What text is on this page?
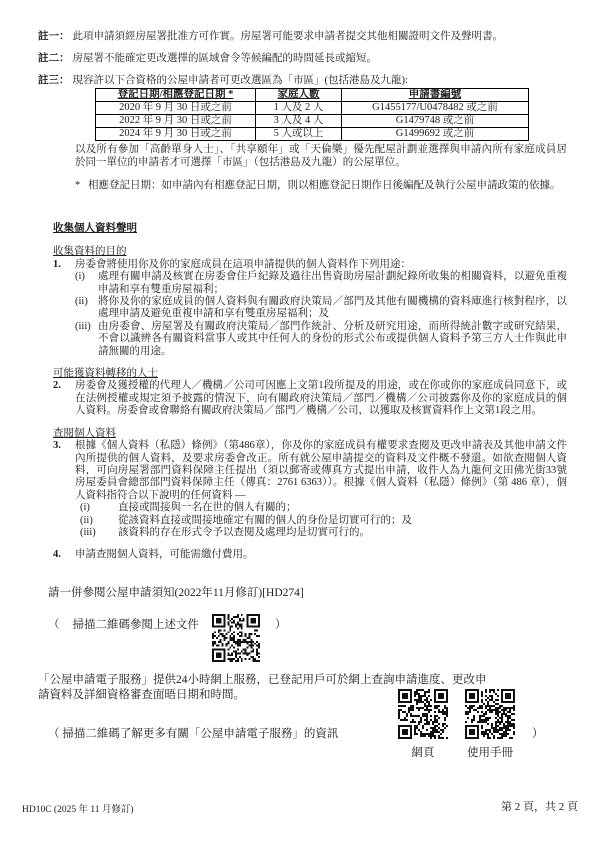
註一 ： 此項申請須經房屋署批准方可作實。房屋署可能要求申請者提交其他相關證明文件及聲明書。
註二 ： 房屋署不能確定更改選擇的區域會令等候編配的時間延長或縮短。
註三 ： 現容許以下合資格的公屋申請者可更改選區為「市區」(包括港島及九龍):
登記日期/相應登記日期 *	家庭人數	申請書編號
2020 年 9 月 30 日或之前	1 人及 2 人	G1455177/U0478482 或之前
2022 年 9 月 30 日或之前	3 人及 4 人	G1479748 或之前
2024 年 9 月 30 日或之前	5 人或以上	G1499692 或之前
以及所有參加「高齡單身人士」、「共享頤年」或「天倫樂」優先配屋計劃並選擇與申請內所有家庭成員居於同一單位的申請者才可選擇「市區」（包括港島及九龍）的公屋單位。
* 相應登記日期：如申請內有相應登記日期，則以相應登記日期作日後編配及執行公屋申請政策的依據。
收集個人資料聲明
收集資料的目的
1.	房委會將使用你及你的家庭成員在這項申請提供的個人資料作下列用途：
(i)	處理有關申請及核實在房委會住戶紀錄及過往出售資助房屋計劃紀錄所收集的相關資料，以避免重複申請和享有雙重房屋福利；
(ii) 將你及你的家庭成員的個人資料與有關政府決策局／部門及其他有關機構的資料庫進行核對程序，以處理申請及避免重複申請和享有雙重房屋福利；及
(iii) 由房委會、房屋署及有關政府決策局／部門作統計、分析及研究用途，而所得統計數字或研究結果，不會以識辨各有關資料當事人或其中任何人的身份的形式公布或提供個人資料予第三方人士作與此申請無關的用途。
可能獲資料轉移的人士
2.	房委會及獲授權的代理人／機構／公司可因應上文第1段所提及的用途，或在你或你的家庭成員同意下，或在法例授權或規定須予披露的情況下，向有關政府決策局／部門／機構／公司披露你及你的家庭成員的個人資料。房委會或會聯絡有關政府決策局／部門／機構／公司，以獲取及核實資料作上文第1段之用。
查閱個人資料
3.	根據《個人資料（私隱）條例》（第486章），你及你的家庭成員有權要求查閱及更改申請表及其他申請文件內所提供的個人資料，及要求房委會改正。所有就公屋申請提交的資料及文件概不發還。如欲查閱個人資料，可向房屋署部門資料保障主任提出（須以郵寄或傳真方式提出申請，收件人為九龍何文田佛光街33號房屋委員會總部部門資料保障主任（傳真：2761 6363））。根據《個人資料（私隱）條例》（第 486 章），個人資料指符合以下說明的任何資料 —
(i)	直接或間接與一名在世的個人有關的；
(ii)	從該資料直接或間接地確定有關的個人的身份是切實可行的；及
(iii)	該資料的存在形式令予以查閱及處理均是切實可行的。
4.	申請查閱個人資料，可能需繳付費用。
請一併參閱公屋申請須知(2022年11月修訂)[HD274]
（ 掃描二維碼參閱上述文件	）
「公屋申請電子服務」提供24小時網上服務，已登記用戶可於網上查詢申請進度、更改申
請資料及詳細資格審查面晤日期和時間。
（ 掃描二維碼了解更多有關「公屋申請電子服務」的資訊
網頁	使用手冊
）
HD10C (2025 年 11 月修訂)	第 2 頁，共 2 頁
